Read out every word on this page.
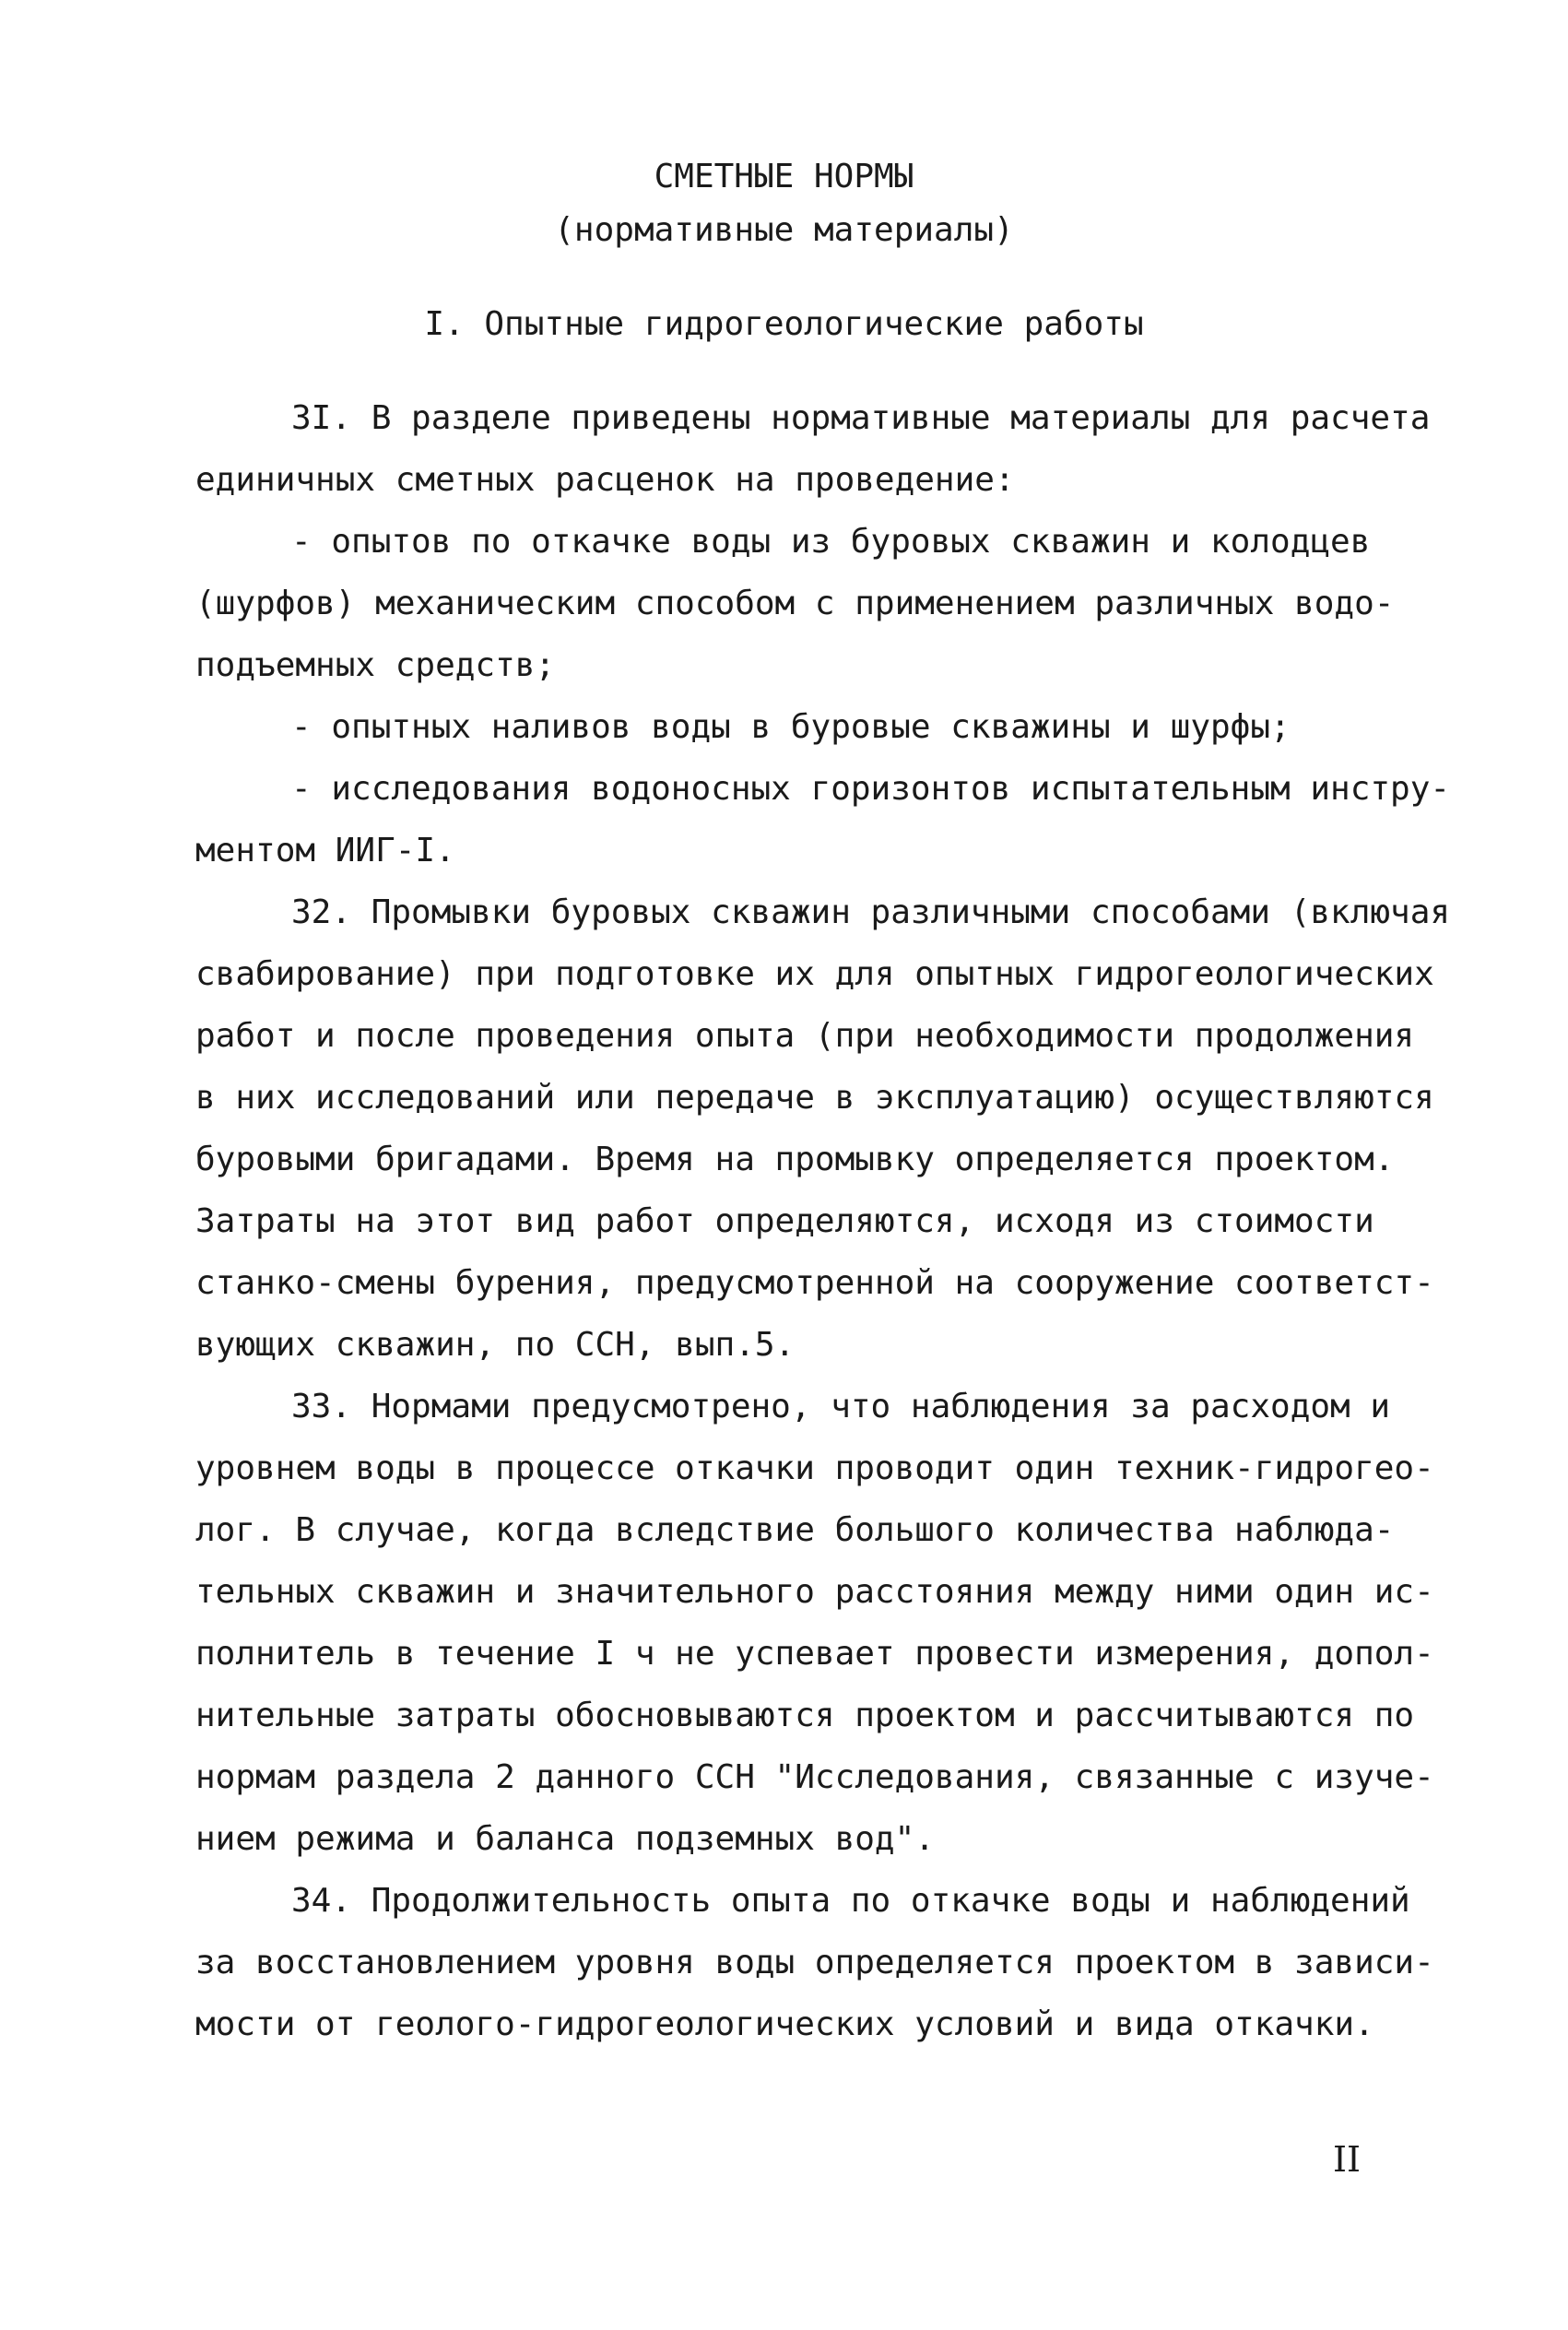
СМЕТНЫЕ НОРМЫ
(нормативные материалы)
I. Опытные гидрогеологические работы
3I. В разделе приведены нормативные материалы для расчета
единичных сметных расценок на проведение:
- опытов по откачке воды из буровых скважин и колодцев
(шурфов) механическим способом с применением различных водо-
подъемных средств;
- опытных наливов воды в буровые скважины и шурфы;
- исследования водоносных горизонтов испытательным инстру-
ментом ИИГ-I.
32. Промывки буровых скважин различными способами (включая
свабирование) при подготовке их для опытных гидрогеологических
работ и после проведения опыта (при необходимости продолжения
в них исследований или передаче в эксплуатацию) осуществляются
буровыми бригадами. Время на промывку определяется проектом.
Затраты на этот вид работ определяются, исходя из стоимости
станко-смены бурения, предусмотренной на сооружение соответст-
вующих скважин, по ССН, вып.5.
33. Нормами предусмотрено, что наблюдения за расходом и
уровнем воды в процессе откачки проводит один техник-гидрогео-
лог. В случае, когда вследствие большого количества наблюда-
тельных скважин и значительного расстояния между ними один ис-
полнитель в течение I ч не успевает провести измерения, допол-
нительные затраты обосновываются проектом и рассчитываются по
нормам раздела 2 данного ССН "Исследования, связанные с изуче-
нием режима и баланса подземных вод".
34. Продолжительность опыта по откачке воды и наблюдений
за восстановлением уровня воды определяется проектом в зависи-
мости от геолого-гидрогеологических условий и вида откачки.
II
